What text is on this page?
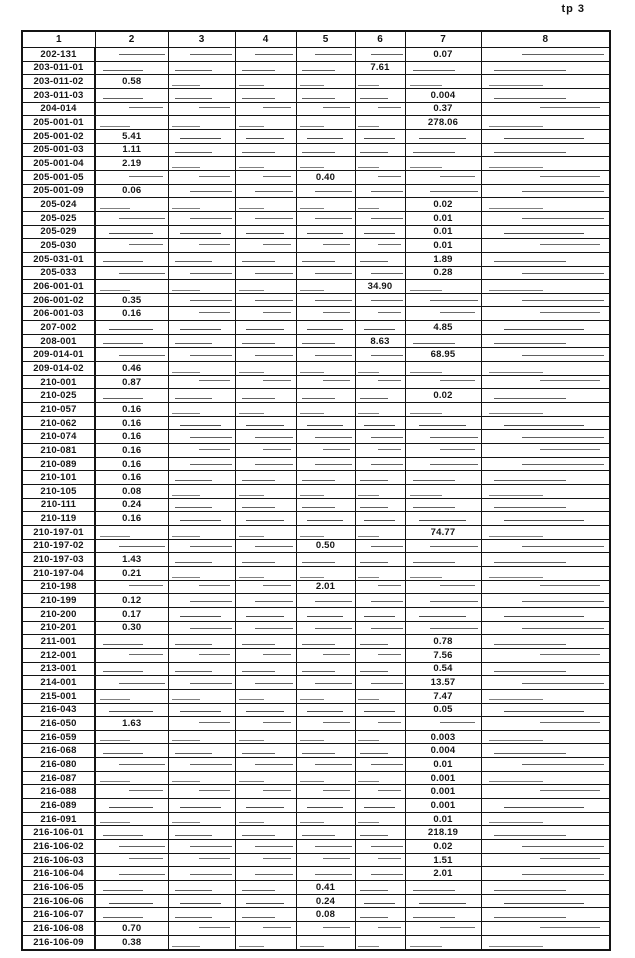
tp 3
1	2	3	4	5	6	7	8
202-131						0.07	
203-011-01					7.61		
203-011-02	0.58						
203-011-03						0.004	
204-014						0.37	
205-001-01						278.06	
205-001-02	5.41						
205-001-03	1.11						
205-001-04	2.19						
205-001-05				0.40			
205-001-09	0.06						
205-024						0.02	
205-025						0.01	
205-029						0.01	
205-030						0.01	
205-031-01						1.89	
205-033						0.28	
206-001-01					34.90		
206-001-02	0.35						
206-001-03	0.16						
207-002						4.85	
208-001					8.63		
209-014-01						68.95	
209-014-02	0.46						
210-001	0.87						
210-025						0.02	
210-057	0.16						
210-062	0.16						
210-074	0.16						
210-081	0.16						
210-089	0.16						
210-101	0.16						
210-105	0.08						
210-111	0.24						
210-119	0.16						
210-197-01						74.77	
210-197-02				0.50			
210-197-03	1.43						
210-197-04	0.21						
210-198				2.01			
210-199	0.12						
210-200	0.17						
210-201	0.30						
211-001						0.78	
212-001						7.56	
213-001						0.54	
214-001						13.57	
215-001						7.47	
216-043						0.05	
216-050	1.63						
216-059						0.003	
216-068						0.004	
216-080						0.01	
216-087						0.001	
216-088						0.001	
216-089						0.001	
216-091						0.01	
216-106-01						218.19	
216-106-02						0.02	
216-106-03						1.51	
216-106-04						2.01	
216-106-05				0.41			
216-106-06				0.24			
216-106-07				0.08			
216-106-08	0.70						
216-106-09	0.38						
